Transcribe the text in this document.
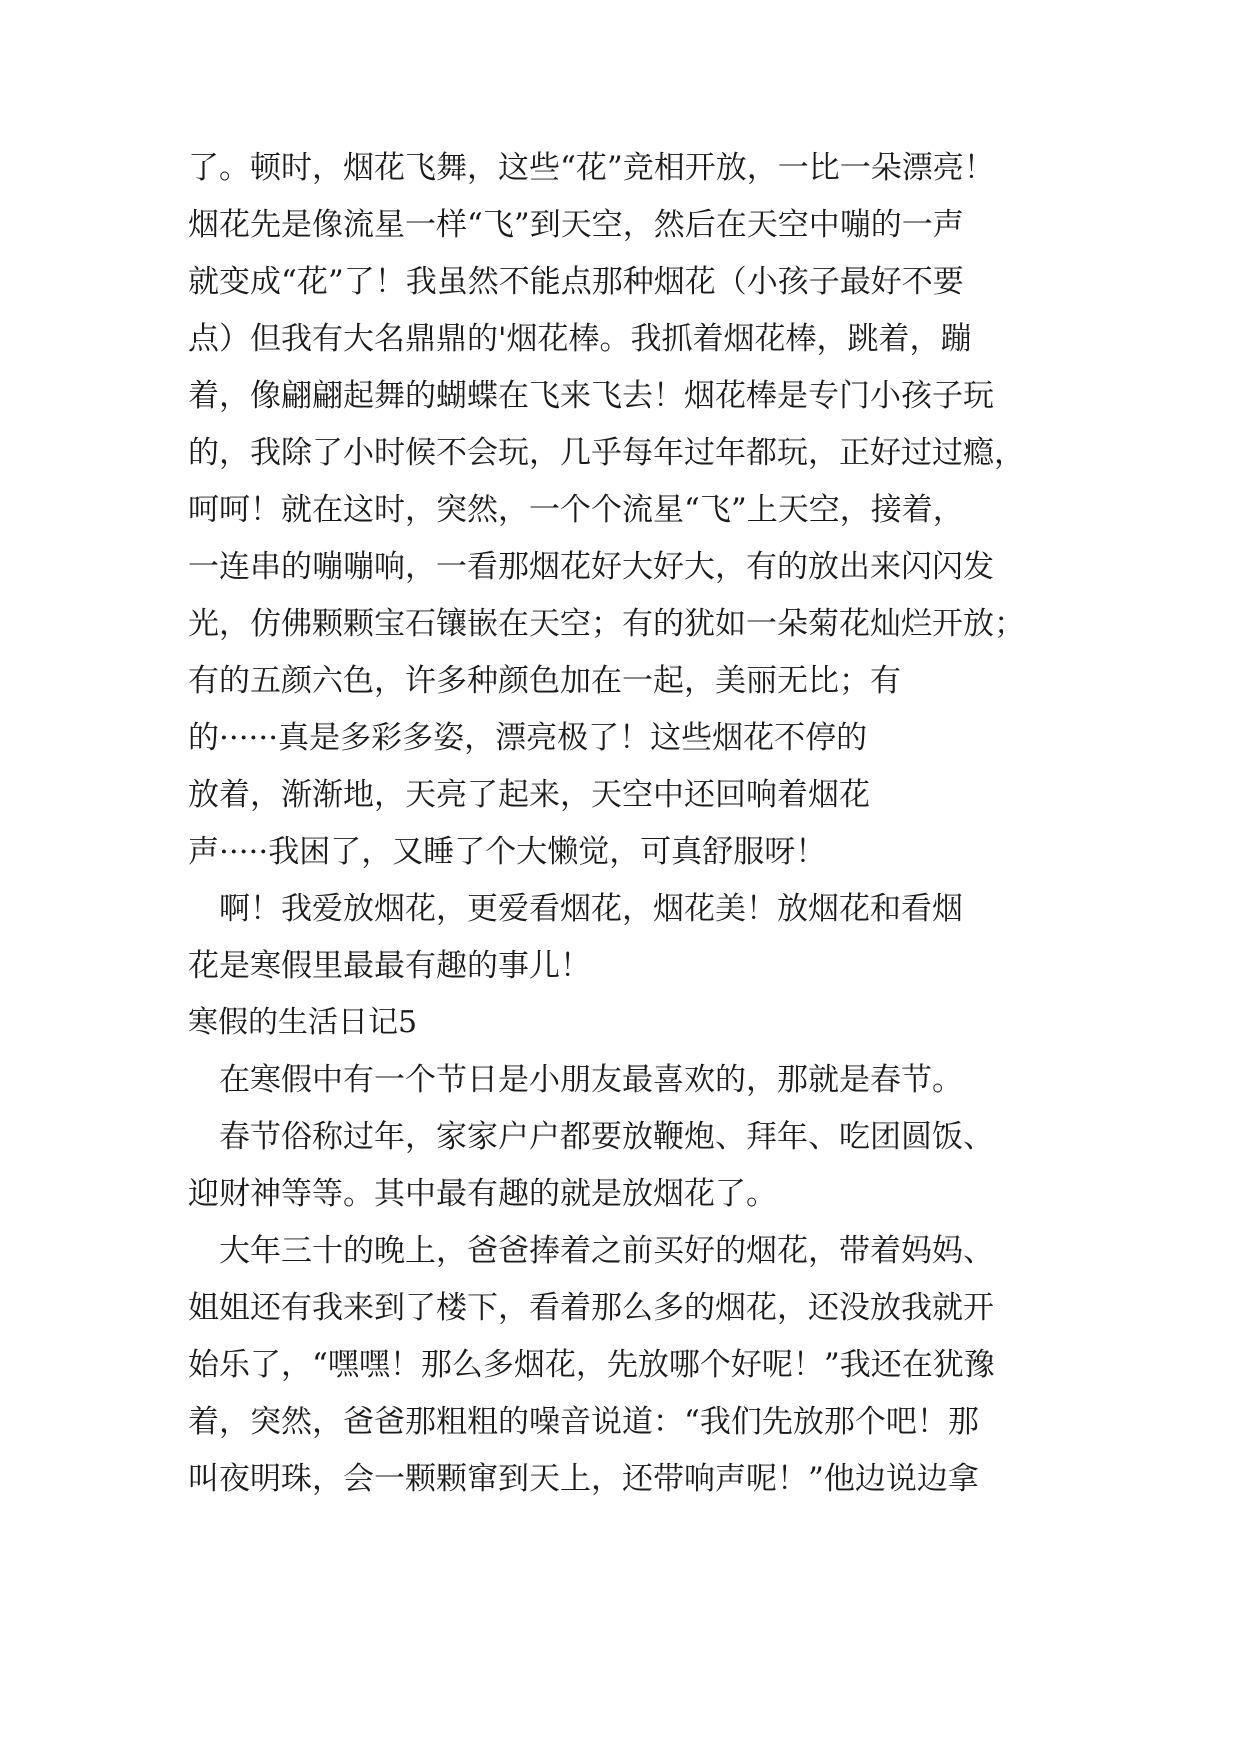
了。顿时，烟花飞舞，这些“花”竞相开放，一比一朵漂亮！
烟花先是像流星一样“飞”到天空，然后在天空中嘣的一声
就变成“花”了！我虽然不能点那种烟花（小孩子最好不要
点）但我有大名鼎鼎的'烟花棒。我抓着烟花棒，跳着，蹦
着，像翩翩起舞的蝴蝶在飞来飞去！烟花棒是专门小孩子玩
的，我除了小时候不会玩，几乎每年过年都玩，正好过过瘾，
呵呵！就在这时，突然，一个个流星“飞”上天空，接着，
一连串的嘣嘣响，一看那烟花好大好大，有的放出来闪闪发
光，仿佛颗颗宝石镶嵌在天空；有的犹如一朵菊花灿烂开放；
有的五颜六色，许多种颜色加在一起，美丽无比；有
的······真是多彩多姿，漂亮极了！这些烟花不停的
放着，渐渐地，天亮了起来，天空中还回响着烟花
声·····我困了，又睡了个大懒觉，可真舒服呀！
　啊！我爱放烟花，更爱看烟花，烟花美！放烟花和看烟
花是寒假里最最有趣的事儿！
寒假的生活日记5
　在寒假中有一个节日是小朋友最喜欢的，那就是春节。
　春节俗称过年，家家户户都要放鞭炮、拜年、吃团圆饭、
迎财神等等。其中最有趣的就是放烟花了。
　大年三十的晚上，爸爸捧着之前买好的烟花，带着妈妈、
姐姐还有我来到了楼下，看着那么多的烟花，还没放我就开
始乐了，“嘿嘿！那么多烟花，先放哪个好呢！”我还在犹豫
着，突然，爸爸那粗粗的噪音说道：“我们先放那个吧！那
叫夜明珠，会一颗颗窜到天上，还带响声呢！”他边说边拿
